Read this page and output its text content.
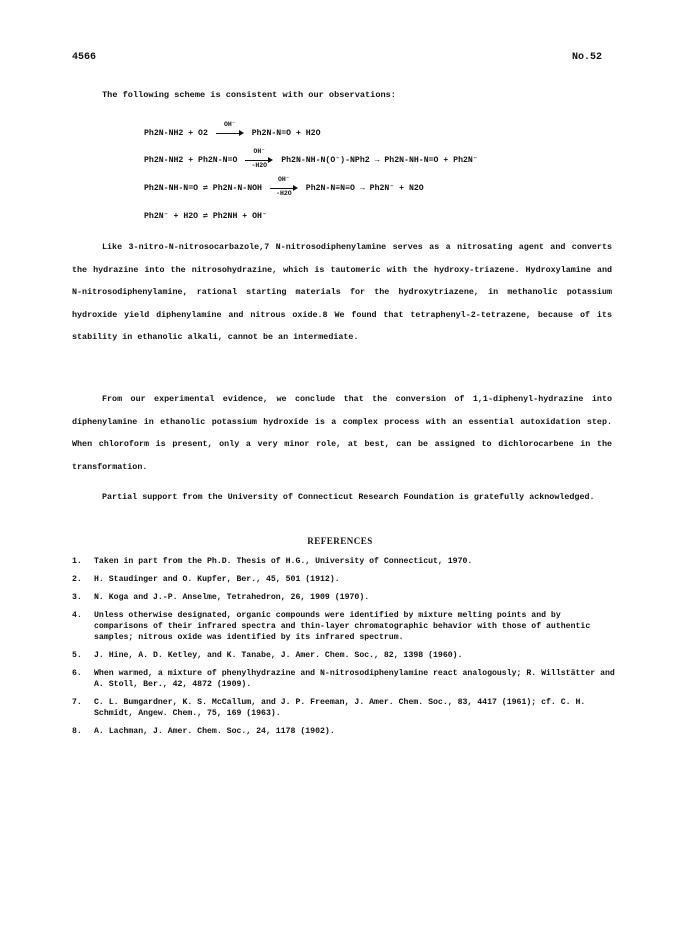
4566	No.52
The following scheme is consistent with our observations:
Ph2N-NH2 + O2
OH⁻
Ph2N-N=O + H2O
Ph2N-NH2 + Ph2N-N=O
OH⁻
-H2O
Ph2N-NH-N(O⁻)-NPh2 → Ph2N-NH-N=O + Ph2N⁻
Ph2N-NH-N=O ⇌ Ph2N-N-NOH
OH⁻
-H2O
Ph2N-N≡N≡O → Ph2N⁻ + N2O
Ph2N⁻ + H2O ⇌ Ph2NH + OH⁻
Like 3-nitro-N-nitrosocarbazole,7 N-nitrosodiphenylamine serves as a nitrosating agent and converts the hydrazine into the nitrosohydrazine, which is tautomeric with the hydroxy-triazene. Hydroxylamine and N-nitrosodiphenylamine, rational starting materials for the hydroxytriazene, in methanolic potassium hydroxide yield diphenylamine and nitrous oxide.8 We found that tetraphenyl-2-tetrazene, because of its stability in ethanolic alkali, cannot be an intermediate.
From our experimental evidence, we conclude that the conversion of 1,1-diphenyl-hydrazine into diphenylamine in ethanolic potassium hydroxide is a complex process with an essential autoxidation step. When chloroform is present, only a very minor role, at best, can be assigned to dichlorocarbene in the transformation.
Partial support from the University of Connecticut Research Foundation is gratefully acknowledged.
REFERENCES
1. Taken in part from the Ph.D. Thesis of H.G., University of Connecticut, 1970.
2. H. Staudinger and O. Kupfer, Ber., 45, 501 (1912).
3. N. Koga and J.-P. Anselme, Tetrahedron, 26, 1909 (1970).
4. Unless otherwise designated, organic compounds were identified by mixture melting points and by comparisons of their infrared spectra and thin-layer chromatographic behavior with those of authentic samples; nitrous oxide was identified by its infrared spectrum.
5. J. Hine, A. D. Ketley, and K. Tanabe, J. Amer. Chem. Soc., 82, 1398 (1960).
6. When warmed, a mixture of phenylhydrazine and N-nitrosodiphenylamine react analogously; R. Willstätter and A. Stoll, Ber., 42, 4872 (1909).
7. C. L. Bumgardner, K. S. McCallum, and J. P. Freeman, J. Amer. Chem. Soc., 83, 4417 (1961); cf. C. H. Schmidt, Angew. Chem., 75, 169 (1963).
8. A. Lachman, J. Amer. Chem. Soc., 24, 1178 (1902).
